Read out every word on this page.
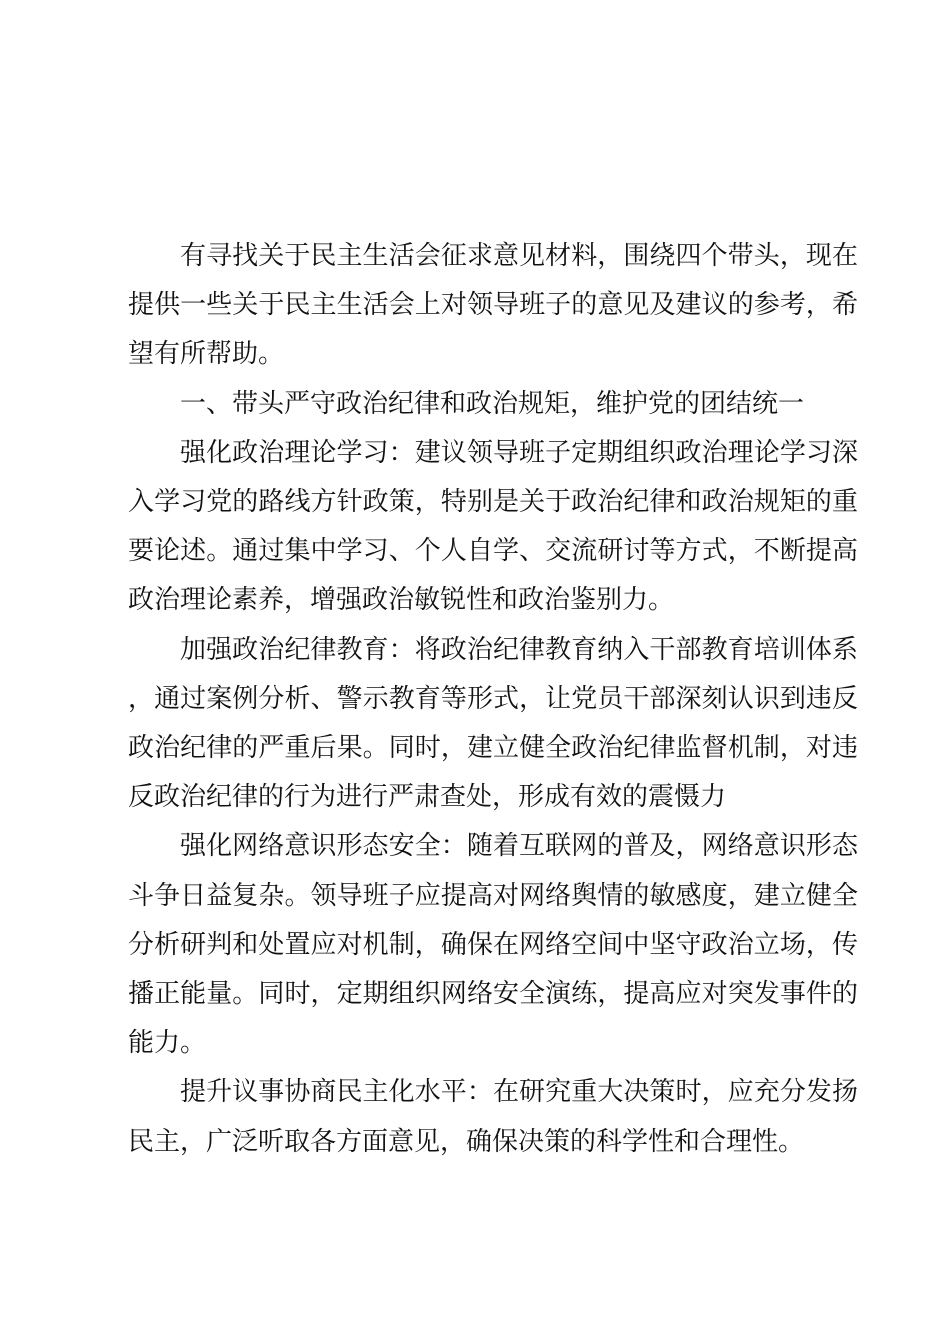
有寻找关于民主生活会征求意见材料，围绕四个带头，现在提供一些关于民主生活会上对领导班子的意见及建议的参考，希望有所帮助。

一、带头严守政治纪律和政治规矩，维护党的团结统一

强化政治理论学习：建议领导班子定期组织政治理论学习深入学习党的路线方针政策，特别是关于政治纪律和政治规矩的重要论述。通过集中学习、个人自学、交流研讨等方式，不断提高政治理论素养，增强政治敏锐性和政治鉴别力。

加强政治纪律教育：将政治纪律教育纳入干部教育培训体系，通过案例分析、警示教育等形式，让党员干部深刻认识到违反政治纪律的严重后果。同时，建立健全政治纪律监督机制，对违反政治纪律的行为进行严肃查处，形成有效的震慑力

强化网络意识形态安全：随着互联网的普及，网络意识形态斗争日益复杂。领导班子应提高对网络舆情的敏感度，建立健全分析研判和处置应对机制，确保在网络空间中坚守政治立场，传播正能量。同时，定期组织网络安全演练，提高应对突发事件的能力。

提升议事协商民主化水平：在研究重大决策时，应充分发扬民主，广泛听取各方面意见，确保决策的科学性和合理性。
